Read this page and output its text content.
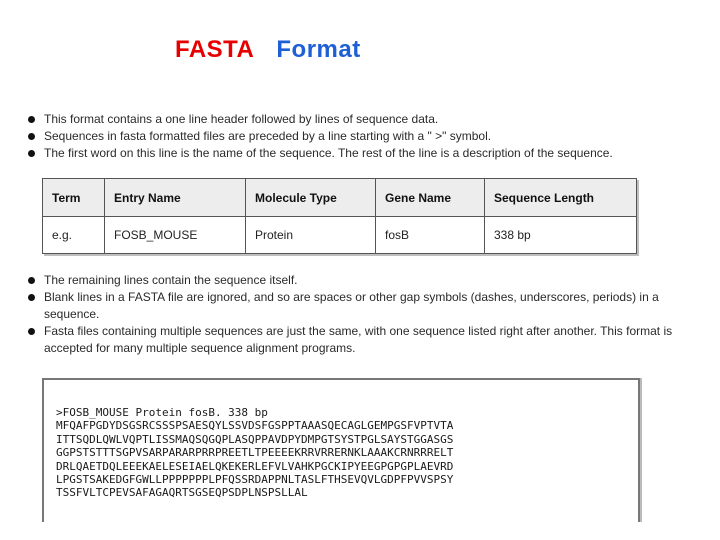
FASTA Format
This format contains a one line header followed by lines of sequence data.
Sequences in fasta formatted files are preceded by a line starting with a " >" symbol.
The first word on this line is the name of the sequence. The rest of the line is a description of the sequence.
Term	Entry Name	Molecule Type	Gene Name	Sequence Length
e.g.	FOSB_MOUSE	Protein	fosB	338 bp
The remaining lines contain the sequence itself.
Blank lines in a FASTA file are ignored, and so are spaces or other gap symbols (dashes, underscores, periods) in a sequence.
Fasta files containing multiple sequences are just the same, with one sequence listed right after another. This format is accepted for many multiple sequence alignment programs.
>FOSB_MOUSE Protein fosB. 338 bp
MFQAFPGDYDSGSRCSSSPSAESQYLSSVDSFGSPPTAAASQECAGLGEMPGSFVPTVTA
ITTSQDLQWLVQPTLISSMAQSQGQPLASQPPAVDPYDMPGTSYSTPGLSAYSTGGASGS
GGPSTSTTTSGPVSARPARARPRRPREETLTPEEEEKRRVRRERNKLAAAKCRNRRRELT
DRLQAETDQLEEEKAELESEIAELQKEKERLEFVLVAHKPGCKIPYEEGPGPGPLAEVRD
LPGSTSAKEDGFGWLLPPPPPPPLPFQSSRDAPPNLTASLFTHSEVQVLGDPFPVVSPSY
TSSFVLTCPEVSAFAGAQRTSGSEQPSDPLNSPSLLAL
